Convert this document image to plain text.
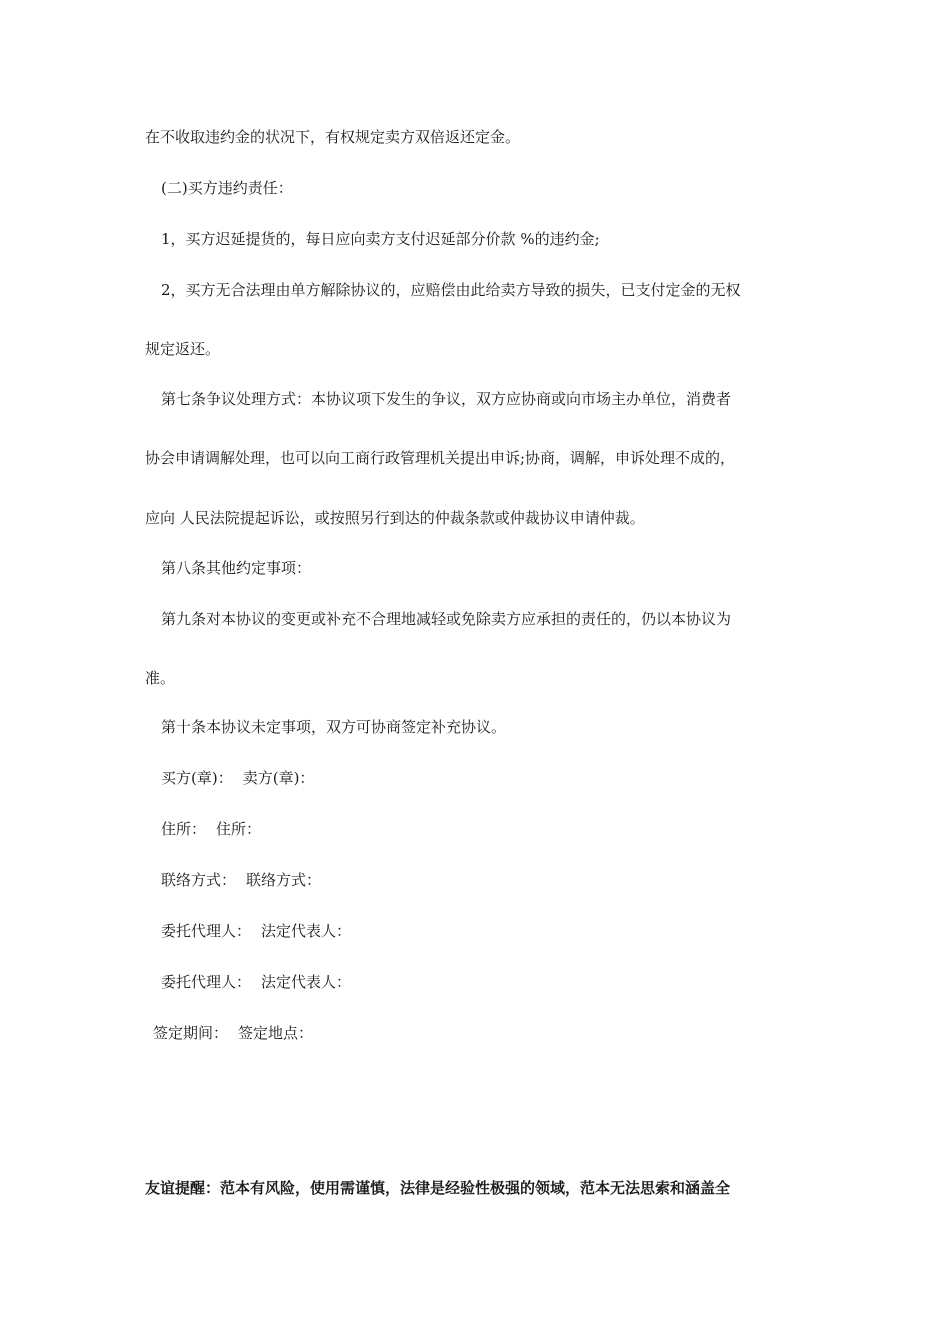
在不收取违约金的状况下，有权规定卖方双倍返还定金。
(二)买方违约责任：
1，买方迟延提货的，每日应向卖方支付迟延部分价款 %的违约金;
2，买方无合法理由单方解除协议的，应赔偿由此给卖方导致的损失，已支付定金的无权
规定返还。
第七条争议处理方式：本协议项下发生的争议，双方应协商或向市场主办单位，消费者
协会申请调解处理，也可以向工商行政管理机关提出申诉;协商，调解，申诉处理不成的，
应向 人民法院提起诉讼，或按照另行到达的仲裁条款或仲裁协议申请仲裁。
第八条其他约定事项：
第九条对本协议的变更或补充不合理地减轻或免除卖方应承担的责任的，仍以本协议为
准。
第十条本协议未定事项，双方可协商签定补充协议。
买方(章)： 卖方(章)：
住所： 住所：
联络方式： 联络方式：
委托代理人： 法定代表人：
委托代理人： 法定代表人：
签定期间： 签定地点：
友谊提醒：范本有风险，使用需谨慎，法律是经验性极强的领域，范本无法思索和涵盖全
